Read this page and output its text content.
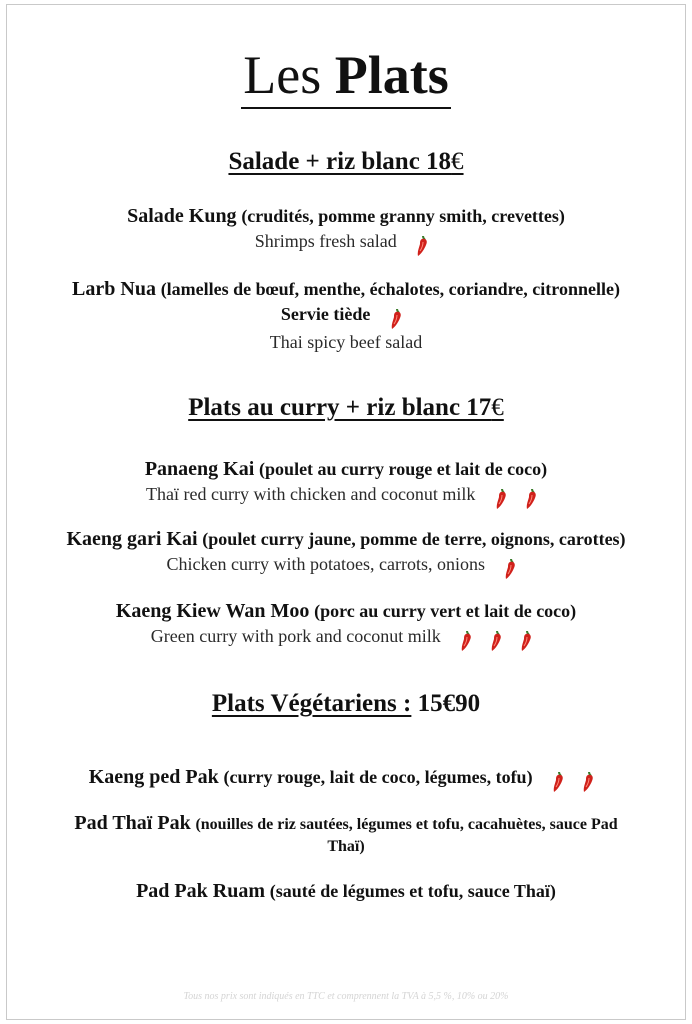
Les Plats
Salade + riz blanc 18€
Salade Kung (crudités, pomme granny smith, crevettes)
Shrimps fresh salad
Larb Nua (lamelles de bœuf, menthe, échalotes, coriandre, citronnelle)
Servie tiède
Thai spicy beef salad
Plats au curry + riz blanc 17€
Panaeng Kai (poulet au curry rouge et lait de coco)
Thaï red curry with chicken and coconut milk
Kaeng gari Kai (poulet curry jaune, pomme de terre, oignons, carottes)
Chicken curry with potatoes, carrots, onions
Kaeng Kiew Wan Moo (porc au curry vert et lait de coco)
Green curry with pork and coconut milk
Plats Végétariens : 15€90
Kaeng ped Pak (curry rouge, lait de coco, légumes, tofu)
Pad Thaï Pak (nouilles de riz sautées, légumes et tofu, cacahuètes, sauce Pad
Thaï)
Pad Pak Ruam (sauté de légumes et tofu, sauce Thaï)
Tous nos prix sont indiqués en TTC et comprennent la TVA à 5,5 %, 10% ou 20%
